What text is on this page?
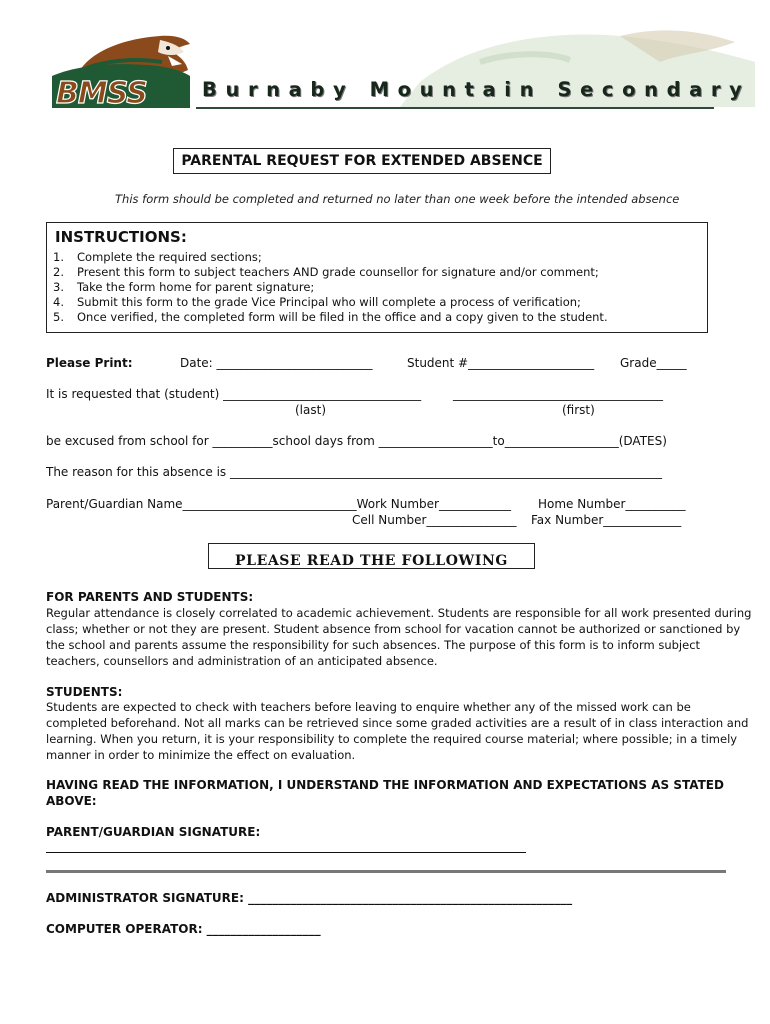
BMSS	Burnaby Mountain Secondary
PARENTAL REQUEST FOR EXTENDED ABSENCE
This form should be completed and returned no later than one week before the intended absence
INSTRUCTIONS:
1. Complete the required sections;
2. Present this form to subject teachers AND grade counsellor for signature and/or comment;
3. Take the form home for parent signature;
4. Submit this form to the grade Vice Principal who will complete a process of verification;
5. Once verified, the completed form will be filed in the office and a copy given to the student.
Please Print:	Date: __________________________	Student #_____________________ Grade_____
It is requested that (student) _________________________________	___________________________________
(last)	(first)
be excused from school for __________school days from ___________________to___________________(DATES)
The reason for this absence is ________________________________________________________________________
Parent/Guardian Name_____________________________Work Number____________ Home Number__________
Cell Number_______________ Fax Number_____________
PLEASE READ THE FOLLOWING
FOR PARENTS AND STUDENTS:
Regular attendance is closely correlated to academic achievement. Students are responsible for all work presented during
class; whether or not they are present. Student absence from school for vacation cannot be authorized or sanctioned by
the school and parents assume the responsibility for such absences. The purpose of this form is to inform subject
teachers, counsellors and administration of an anticipated absence.
STUDENTS:
Students are expected to check with teachers before leaving to enquire whether any of the missed work can be
completed beforehand. Not all marks can be retrieved since some graded activities are a result of in class interaction and
learning. When you return, it is your responsibility to complete the required course material; where possible; in a timely
manner in order to minimize the effect on evaluation.
HAVING READ THE INFORMATION, I UNDERSTAND THE INFORMATION AND EXPECTATIONS AS STATED
ABOVE:
PARENT/GUARDIAN SIGNATURE:
ADMINISTRATOR SIGNATURE: ______________________________________________________
COMPUTER OPERATOR: ___________________
